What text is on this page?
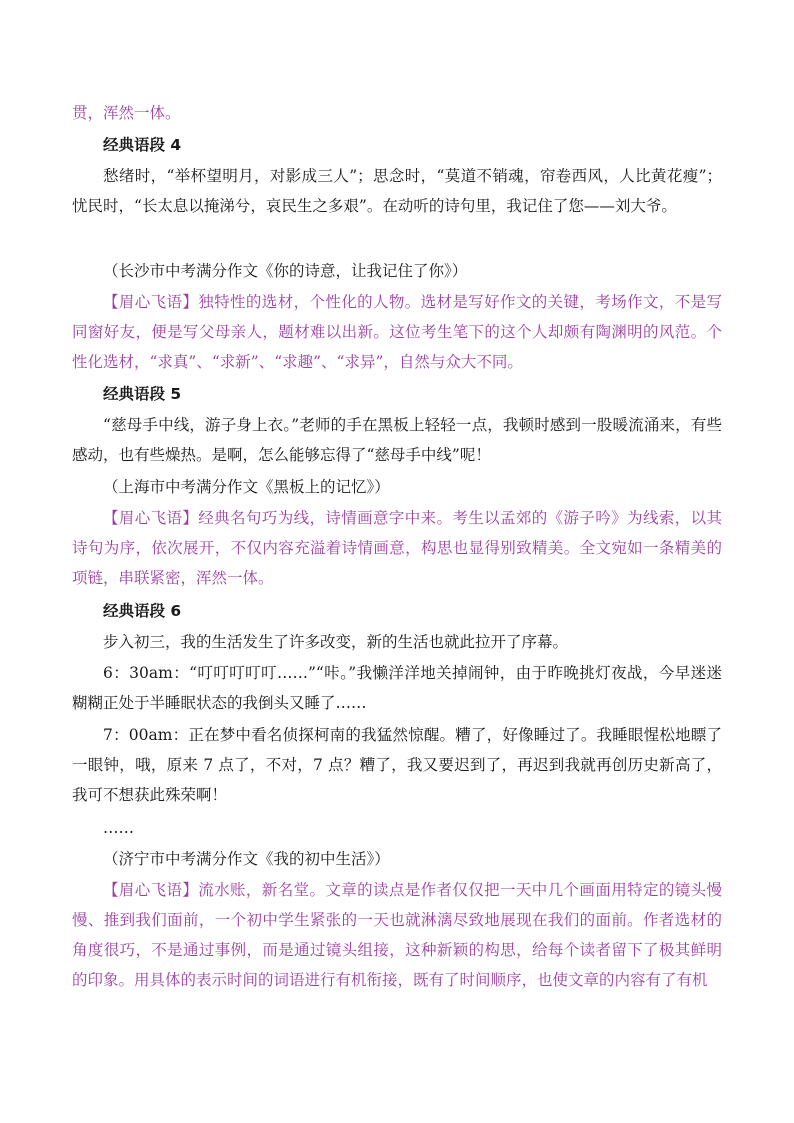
贯，浑然一体。

经典语段 4

愁绪时，“举杯望明月，对影成三人”；思念时，“莫道不销魂，帘卷西风，人比黄花瘦”；忧民时，“长太息以掩涕兮，哀民生之多艰”。在动听的诗句里，我记住了您——刘大爷。

（长沙市中考满分作文《你的诗意，让我记住了你》）

【眉心飞语】独特性的选材，个性化的人物。选材是写好作文的关键，考场作文，不是写同窗好友，便是写父母亲人，题材难以出新。这位考生笔下的这个人却颇有陶渊明的风范。个性化选材，“求真”、“求新”、“求趣”、“求异”，自然与众大不同。

经典语段 5

“慈母手中线，游子身上衣。”老师的手在黑板上轻轻一点，我顿时感到一股暖流涌来，有些感动，也有些燥热。是啊，怎么能够忘得了“慈母手中线”呢！

（上海市中考满分作文《黑板上的记忆》）

【眉心飞语】经典名句巧为线，诗情画意字中来。考生以孟郊的《游子吟》为线索，以其诗句为序，依次展开，不仅内容充溢着诗情画意，构思也显得别致精美。全文宛如一条精美的项链，串联紧密，浑然一体。

经典语段 6

步入初三，我的生活发生了许多改变，新的生活也就此拉开了序幕。

6：30am：“叮叮叮叮叮……”“咔。”我懒洋洋地关掉闹钟，由于昨晚挑灯夜战，今早迷迷糊糊正处于半睡眠状态的我倒头又睡了……

7：00am：正在梦中看名侦探柯南的我猛然惊醒。糟了，好像睡过了。我睡眼惺松地瞟了一眼钟，哦，原来 7 点了，不对，7 点？糟了，我又要迟到了，再迟到我就再创历史新高了，我可不想获此殊荣啊！

……

（济宁市中考满分作文《我的初中生活》）

【眉心飞语】流水账，新名堂。文章的读点是作者仅仅把一天中几个画面用特定的镜头慢慢、推到我们面前，一个初中学生紧张的一天也就淋漓尽致地展现在我们的面前。作者选材的角度很巧，不是通过事例，而是通过镜头组接，这种新颖的构思，给每个读者留下了极其鲜明的印象。用具体的表示时间的词语进行有机衔接，既有了时间顺序，也使文章的内容有了有机
